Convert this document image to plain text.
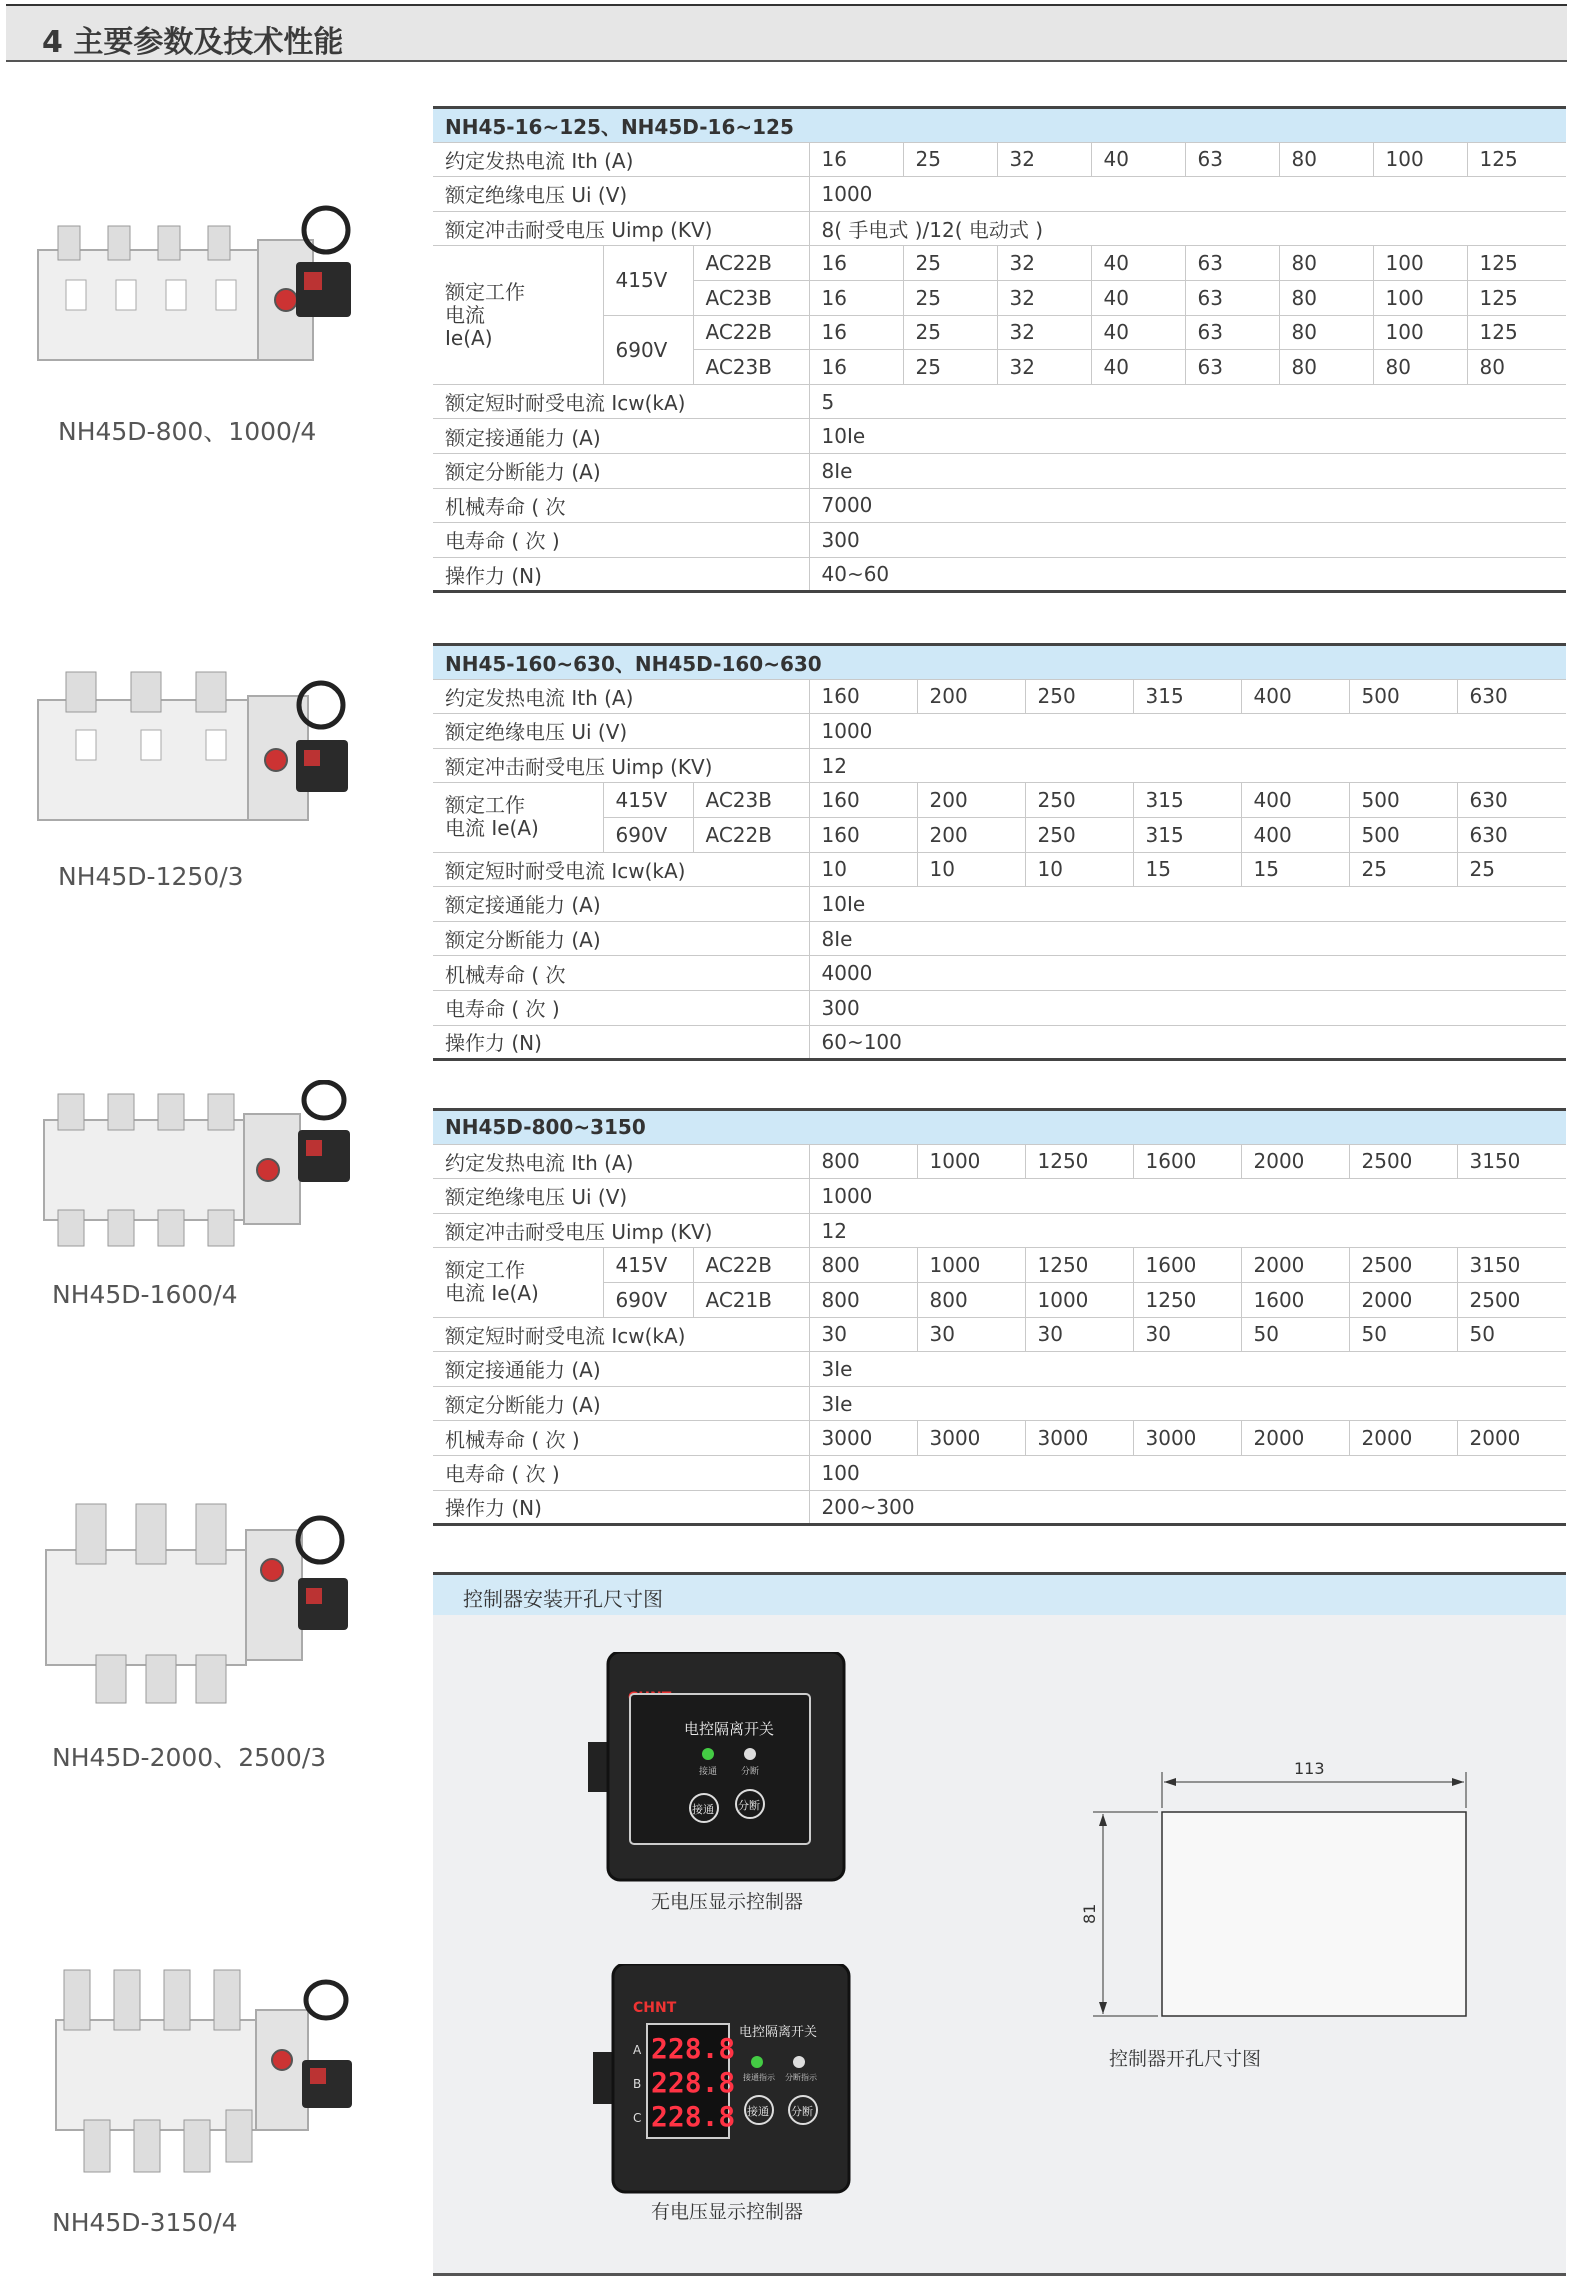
4 主要参数及技术性能
NH45D-800、1000/4
NH45D-1250/3
NH45D-1600/4
NH45D-2000、2500/3
NH45D-3150/4
NH45-16~125、NH45D-16~125										
约定发热电流 Ith (A)			16	25	32	40	63	80	100	125
额定绝缘电压 Ui (V)			1000							
额定冲击耐受电压 Uimp (KV)			8( 手电式 )/12( 电动式 )							
额定工作
电流
Ie(A)	415V	AC22B	16	25	32	40	63	80	100	125
		AC23B	16	25	32	40	63	80	100	125
	690V	AC22B	16	25	32	40	63	80	100	125
		AC23B	16	25	32	40	63	80	80	80
额定短时耐受电流 Icw(kA)			5							
额定接通能力 (A)			10Ie							
额定分断能力 (A)			8Ie							
机械寿命 ( 次			7000							
电寿命 ( 次 )			300							
操作力 (N)			40~60							
NH45-160~630、NH45D-160~630									
约定发热电流 Ith (A)			160	200	250	315	400	500	630
额定绝缘电压 Ui (V)			1000						
额定冲击耐受电压 Uimp (KV)			12						
额定工作
电流 Ie(A)	415V	AC23B	160	200	250	315	400	500	630
	690V	AC22B	160	200	250	315	400	500	630
额定短时耐受电流 Icw(kA)			10	10	10	15	15	25	25
额定接通能力 (A)			10Ie						
额定分断能力 (A)			8Ie						
机械寿命 ( 次			4000						
电寿命 ( 次 )			300						
操作力 (N)			60~100						
NH45D-800~3150									
约定发热电流 Ith (A)			800	1000	1250	1600	2000	2500	3150
额定绝缘电压 Ui (V)			1000						
额定冲击耐受电压 Uimp (KV)			12						
额定工作
电流 Ie(A)	415V	AC22B	800	1000	1250	1600	2000	2500	3150
	690V	AC21B	800	800	1000	1250	1600	2000	2500
额定短时耐受电流 Icw(kA)			30	30	30	30	50	50	50
额定接通能力 (A)			3Ie						
额定分断能力 (A)			3Ie						
机械寿命 ( 次 )			3000	3000	3000	3000	2000	2000	2000
电寿命 ( 次 )			100						
操作力 (N)			200~300						
控制器安装开孔尺寸图
电控隔离开关
接通	分断
接通 分断
无电压显示控制器
CHNT
A
B
C
228.8
228.8
228.8
电控隔离开关
接通指示 分断指示
接通 分断
有电压显示控制器
113
81
控制器开孔尺寸图
